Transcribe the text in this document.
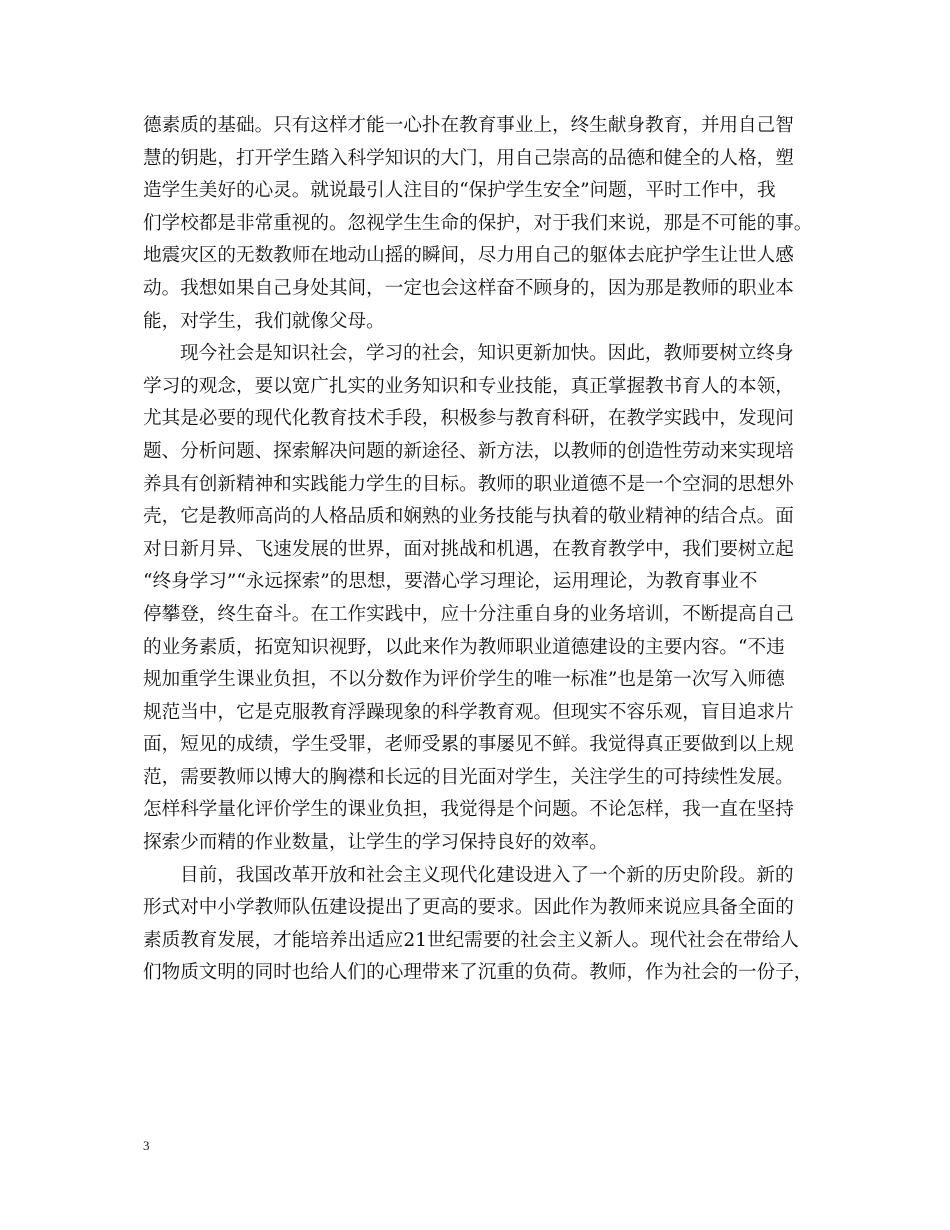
德素质的基础。只有这样才能一心扑在教育事业上，终生献身教育，并用自己智
慧的钥匙，打开学生踏入科学知识的大门，用自己崇高的品德和健全的人格，塑
造学生美好的心灵。就说最引人注目的“保护学生安全”问题，平时工作中，我
们学校都是非常重视的。忽视学生生命的保护，对于我们来说，那是不可能的事。
地震灾区的无数教师在地动山摇的瞬间，尽力用自己的躯体去庇护学生让世人感
动。我想如果自己身处其间，一定也会这样奋不顾身的，因为那是教师的职业本
能，对学生，我们就像父母。
现今社会是知识社会，学习的社会，知识更新加快。因此，教师要树立终身
学习的观念，要以宽广扎实的业务知识和专业技能，真正掌握教书育人的本领，
尤其是必要的现代化教育技术手段，积极参与教育科研，在教学实践中，发现问
题、分析问题、探索解决问题的新途径、新方法，以教师的创造性劳动来实现培
养具有创新精神和实践能力学生的目标。教师的职业道德不是一个空洞的思想外
壳，它是教师高尚的人格品质和娴熟的业务技能与执着的敬业精神的结合点。面
对日新月异、飞速发展的世界，面对挑战和机遇，在教育教学中，我们要树立起
“终身学习”“永远探索”的思想，要潜心学习理论，运用理论，为教育事业不
停攀登，终生奋斗。在工作实践中，应十分注重自身的业务培训，不断提高自己
的业务素质，拓宽知识视野，以此来作为教师职业道德建设的主要内容。“不违
规加重学生课业负担，不以分数作为评价学生的唯一标准”也是第一次写入师德
规范当中，它是克服教育浮躁现象的科学教育观。但现实不容乐观，盲目追求片
面，短见的成绩，学生受罪，老师受累的事屡见不鲜。我觉得真正要做到以上规
范，需要教师以博大的胸襟和长远的目光面对学生，关注学生的可持续性发展。
怎样科学量化评价学生的课业负担，我觉得是个问题。不论怎样，我一直在坚持
探索少而精的作业数量，让学生的学习保持良好的效率。
目前，我国改革开放和社会主义现代化建设进入了一个新的历史阶段。新的
形式对中小学教师队伍建设提出了更高的要求。因此作为教师来说应具备全面的
素质教育发展，才能培养出适应21世纪需要的社会主义新人。现代社会在带给人
们物质文明的同时也给人们的心理带来了沉重的负荷。教师，作为社会的一份子，
3
